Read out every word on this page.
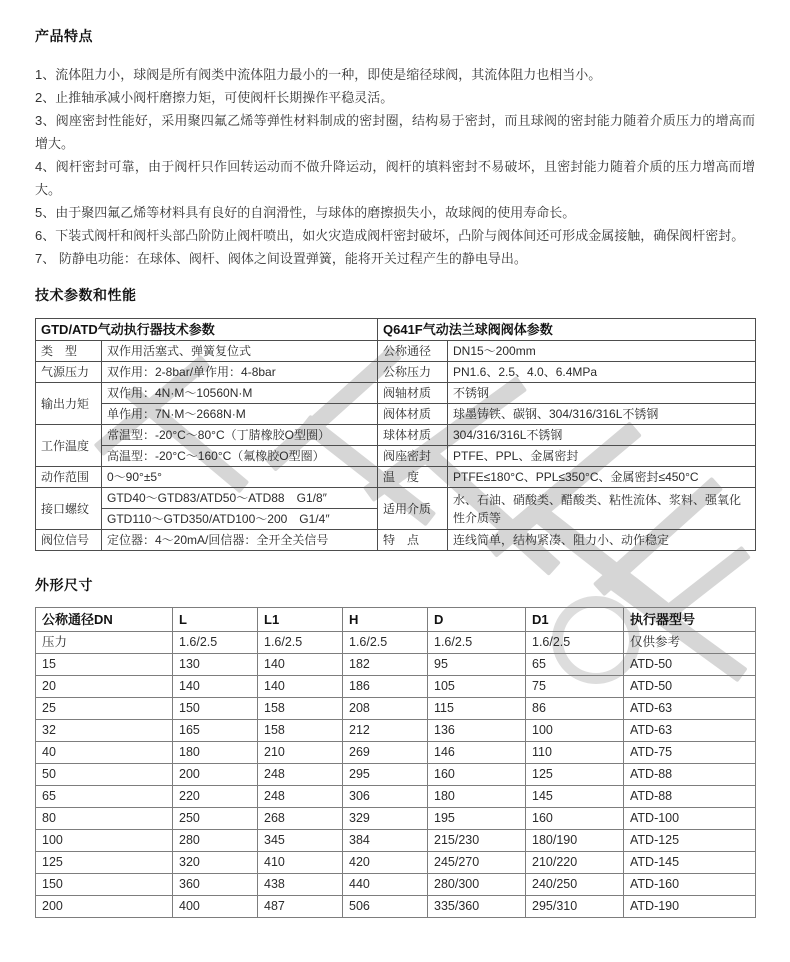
产品特点

1、流体阻力小，球阀是所有阀类中流体阻力最小的一种，即使是缩径球阀，其流体阻力也相当小。

2、止推轴承减小阀杆磨擦力矩，可使阀杆长期操作平稳灵活。

3、阀座密封性能好，采用聚四氟乙烯等弹性材料制成的密封圈，结构易于密封，而且球阀的密封能力随着介质压力的增高而增大。

4、阀杆密封可靠，由于阀杆只作回转运动而不做升降运动，阀杆的填料密封不易破坏，且密封能力随着介质的压力增高而增大。

5、由于聚四氟乙烯等材料具有良好的自润滑性，与球体的磨擦损失小，故球阀的使用寿命长。

6、下装式阀杆和阀杆头部凸阶防止阀杆喷出，如火灾造成阀杆密封破坏，凸阶与阀体间还可形成金属接触，确保阀杆密封。

7、 防静电功能：在球体、阀杆、阀体之间设置弹簧，能将开关过程产生的静电导出。

技术参数和性能
GTD/ATD气动执行器技术参数		Q641F气动法兰球阀阀体参数	
类　型	双作用活塞式、弹簧复位式	公称通径	DN15～200mm
气源压力	双作用：2-8bar/单作用：4-8bar	公称压力	PN1.6、2.5、4.0、6.4MPa
输出力矩	双作用：4N·M～10560N·M	阀轴材质	不锈钢
	单作用：7N·M～2668N·M	阀体材质	球墨铸铁、碳钢、304/316/316L不锈钢
工作温度	常温型：-20°C～80°C（丁腈橡胶O型圈）	球体材质	304/316/316L不锈钢
	高温型：-20°C～160°C（氟橡胶O型圈）	阀座密封	PTFE、PPL、金属密封
动作范围	0～90°±5°	温　度	PTFE≤180°C、PPL≤350°C、金属密封≤450°C
接口螺纹	GTD40～GTD83/ATD50～ATD88　G1/8″	适用介质	水、石油、硝酸类、醋酸类、粘性流体、浆料、强氧化性介质等
	GTD110～GTD350/ATD100～200　G1/4″		
阀位信号	定位器：4～20mA/回信器：全开全关信号	特　点	连线简单，结构紧凑、阻力小、动作稳定
外形尺寸
公称通径DN	L	L1	H	D	D1	执行器型号
压力	1.6/2.5	1.6/2.5	1.6/2.5	1.6/2.5	1.6/2.5	仅供参考
15	130	140	182	95	65	ATD-50
20	140	140	186	105	75	ATD-50
25	150	158	208	115	86	ATD-63
32	165	158	212	136	100	ATD-63
40	180	210	269	146	110	ATD-75
50	200	248	295	160	125	ATD-88
65	220	248	306	180	145	ATD-88
80	250	268	329	195	160	ATD-100
100	280	345	384	215/230	180/190	ATD-125
125	320	410	420	245/270	210/220	ATD-145
150	360	438	440	280/300	240/250	ATD-160
200	400	487	506	335/360	295/310	ATD-190
